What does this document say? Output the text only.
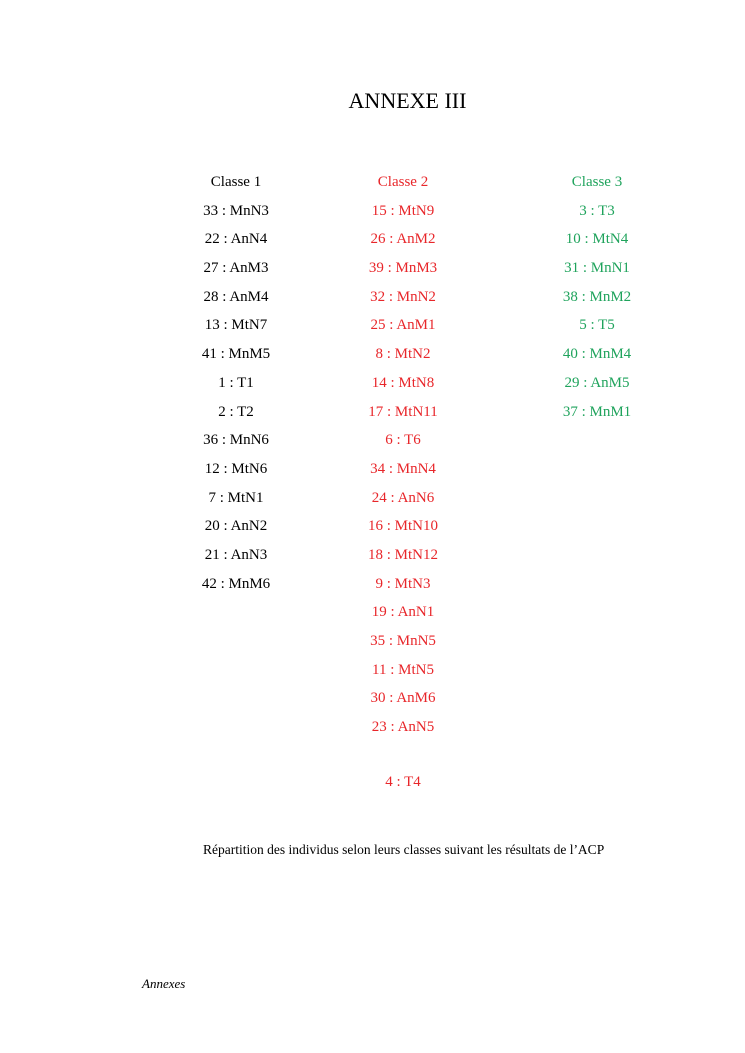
ANNEXE III
Classe 1
33 : MnN3
22 : AnN4
27 : AnM3
28 : AnM4
13 : MtN7
41 : MnM5
1 : T1
2 : T2
36 : MnN6
12 : MtN6
7 : MtN1
20 : AnN2
21 : AnN3
42 : MnM6
Classe 2
15 : MtN9
26 : AnM2
39 : MnM3
32 : MnN2
25 : AnM1
8 : MtN2
14 : MtN8
17 : MtN11
6 : T6
34 : MnN4
24 : AnN6
16 : MtN10
18 : MtN12
9 : MtN3
19 : AnN1
35 : MnN5
11 : MtN5
30 : AnM6
23 : AnN5
Classe 3
3 : T3
10 : MtN4
31 : MnN1
38 : MnM2
5 : T5
40 : MnM4
29 : AnM5
37 : MnM1
4 : T4
Répartition des individus selon leurs classes suivant les résultats de l’ACP
Annexes
